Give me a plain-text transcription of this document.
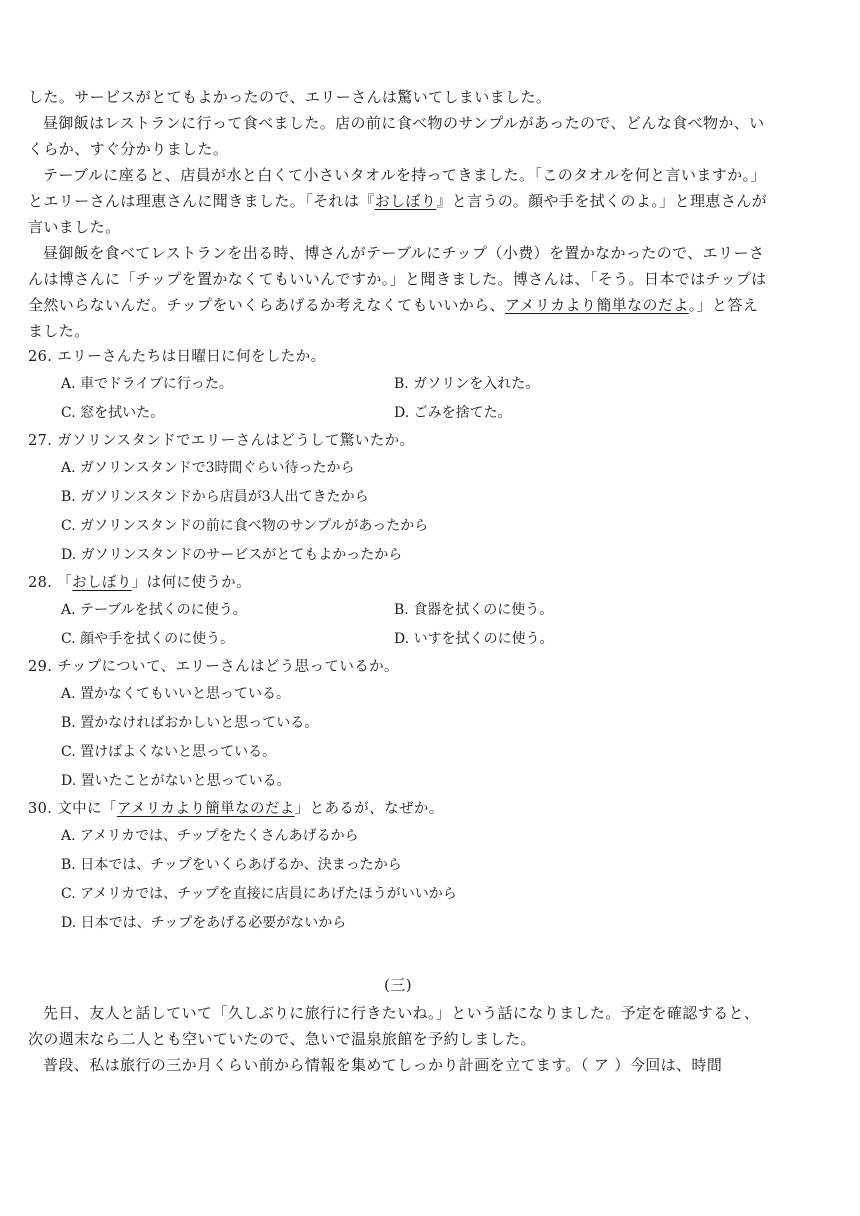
した。サービスがとてもよかったので、エリーさんは驚いてしまいました。

昼御飯はレストランに行って食べました。店の前に食べ物のサンプルがあったので、どんな食べ物か、いくらか、すぐ分かりました。

テーブルに座ると、店員が水と白くて小さいタオルを持ってきました。「このタオルを何と言いますか。」とエリーさんは理恵さんに聞きました。「それは『おしぼり』と言うの。顔や手を拭くのよ。」と理恵さんが言いました。

昼御飯を食べてレストランを出る時、博さんがテーブルにチップ（小费）を置かなかったので、エリーさんは博さんに「チップを置かなくてもいいんですか。」と聞きました。博さんは、「そう。日本ではチップは全然いらないんだ。チップをいくらあげるか考えなくてもいいから、アメリカより簡単なのだよ。」と答えました。

26. エリーさんたちは日曜日に何をしたか。

A. 車でドライブに行った。	B. ガソリンを入れた。
C. 窓を拭いた。	D. ごみを捨てた。

27. ガソリンスタンドでエリーさんはどうして驚いたか。

A. ガソリンスタンドで3時間ぐらい待ったから
B. ガソリンスタンドから店員が3人出てきたから
C. ガソリンスタンドの前に食べ物のサンプルがあったから
D. ガソリンスタンドのサービスがとてもよかったから

28. 「おしぼり」は何に使うか。

A. テーブルを拭くのに使う。	B. 食器を拭くのに使う。
C. 顔や手を拭くのに使う。	D. いすを拭くのに使う。

29. チップについて、エリーさんはどう思っているか。

A. 置かなくてもいいと思っている。
B. 置かなければおかしいと思っている。
C. 置けばよくないと思っている。
D. 置いたことがないと思っている。

30. 文中に「アメリカより簡単なのだよ」とあるが、なぜか。

A. アメリカでは、チップをたくさんあげるから
B. 日本では、チップをいくらあげるか、決まったから
C. アメリカでは、チップを直接に店員にあげたほうがいいから
D. 日本では、チップをあげる必要がないから

(三)

先日、友人と話していて「久しぶりに旅行に行きたいね。」という話になりました。予定を確認すると、次の週末なら二人とも空いていたので、急いで温泉旅館を予約しました。

普段、私は旅行の三か月くらい前から情報を集めてしっかり計画を立てます。（ ア ）今回は、時間
